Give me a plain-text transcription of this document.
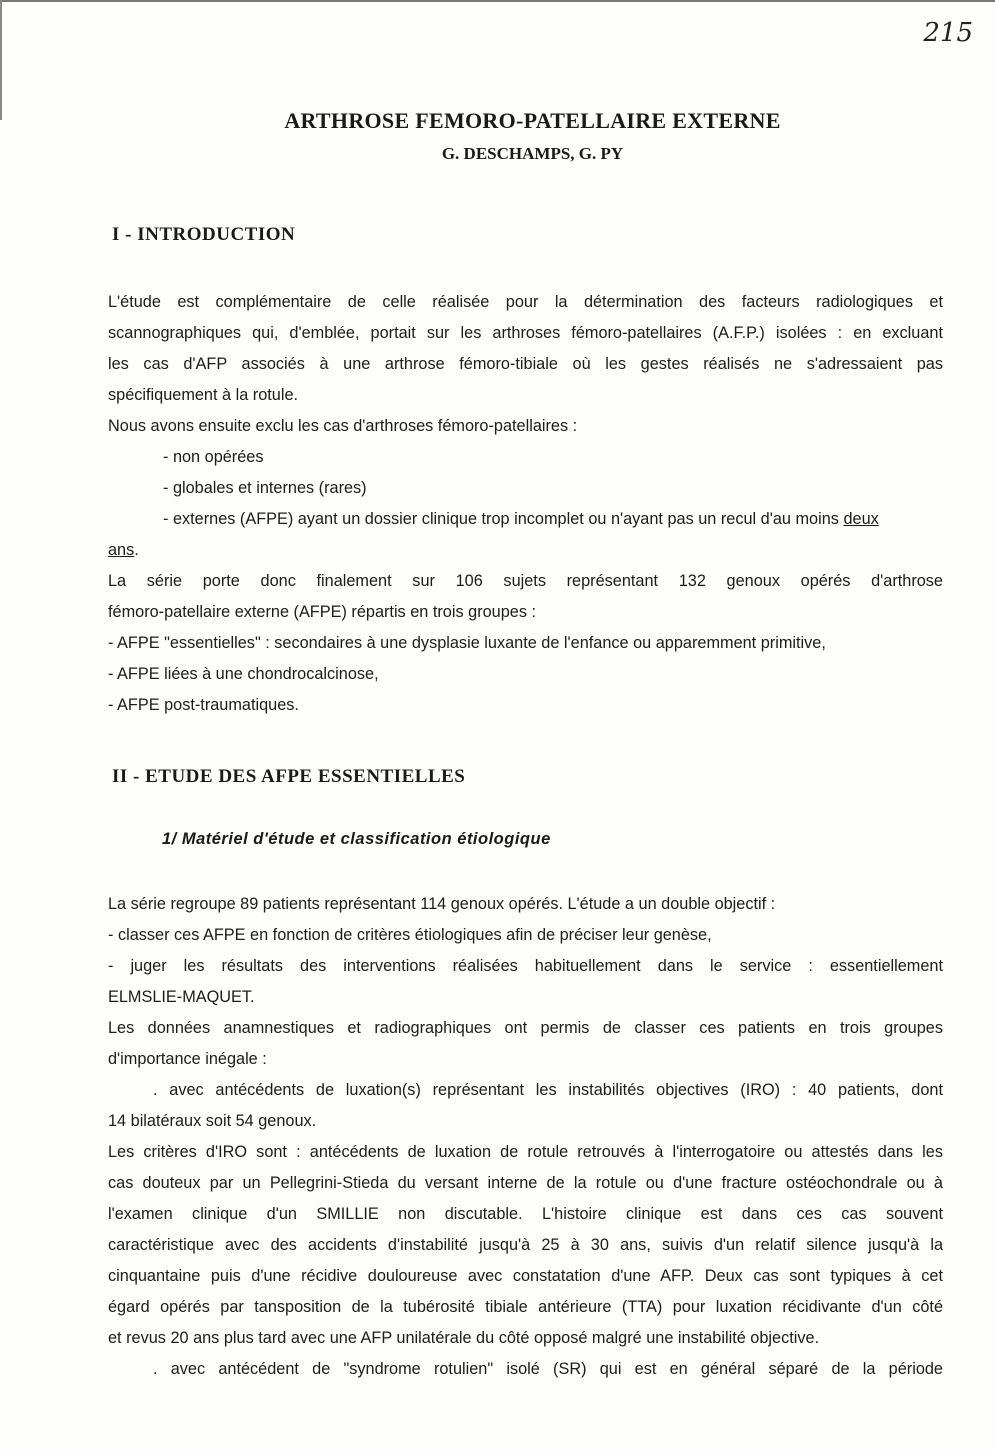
215
ARTHROSE FEMORO-PATELLAIRE EXTERNE
G. DESCHAMPS, G. PY
I - INTRODUCTION
L'étude est complémentaire de celle réalisée pour la détermination des facteurs radiologiques et
scannographiques qui, d'emblée, portait sur les arthroses fémoro-patellaires (A.F.P.) isolées : en excluant
les cas d'AFP associés à une arthrose fémoro-tibiale où les gestes réalisés ne s'adressaient pas
spécifiquement à la rotule.
Nous avons ensuite exclu les cas d'arthroses fémoro-patellaires :
- non opérées
- globales et internes (rares)
- externes (AFPE) ayant un dossier clinique trop incomplet ou n'ayant pas un recul d'au moins deux
ans.
La série porte donc finalement sur 106 sujets représentant 132 genoux opérés d'arthrose
fémoro-patellaire externe (AFPE) répartis en trois groupes :
- AFPE "essentielles" : secondaires à une dysplasie luxante de l'enfance ou apparemment primitive,
- AFPE liées à une chondrocalcinose,
- AFPE post-traumatiques.
II - ETUDE DES AFPE ESSENTIELLES
1/ Matériel d'étude et classification étiologique
La série regroupe 89 patients représentant 114 genoux opérés. L'étude a un double objectif :
- classer ces AFPE en fonction de critères étiologiques afin de préciser leur genèse,
- juger les résultats des interventions réalisées habituellement dans le service : essentiellement
ELMSLIE-MAQUET.
Les données anamnestiques et radiographiques ont permis de classer ces patients en trois groupes
d'importance inégale :
. avec antécédents de luxation(s) représentant les instabilités objectives (IRO) : 40 patients, dont
14 bilatéraux soit 54 genoux.
Les critères d'IRO sont : antécédents de luxation de rotule retrouvés à l'interrogatoire ou attestés dans les
cas douteux par un Pellegrini-Stieda du versant interne de la rotule ou d'une fracture ostéochondrale ou à
l'examen clinique d'un SMILLIE non discutable. L'histoire clinique est dans ces cas souvent
caractéristique avec des accidents d'instabilité jusqu'à 25 à 30 ans, suivis d'un relatif silence jusqu'à la
cinquantaine puis d'une récidive douloureuse avec constatation d'une AFP. Deux cas sont typiques à cet
égard opérés par tansposition de la tubérosité tibiale antérieure (TTA) pour luxation récidivante d'un côté
et revus 20 ans plus tard avec une AFP unilatérale du côté opposé malgré une instabilité objective.
. avec antécédent de "syndrome rotulien" isolé (SR) qui est en général séparé de la période
